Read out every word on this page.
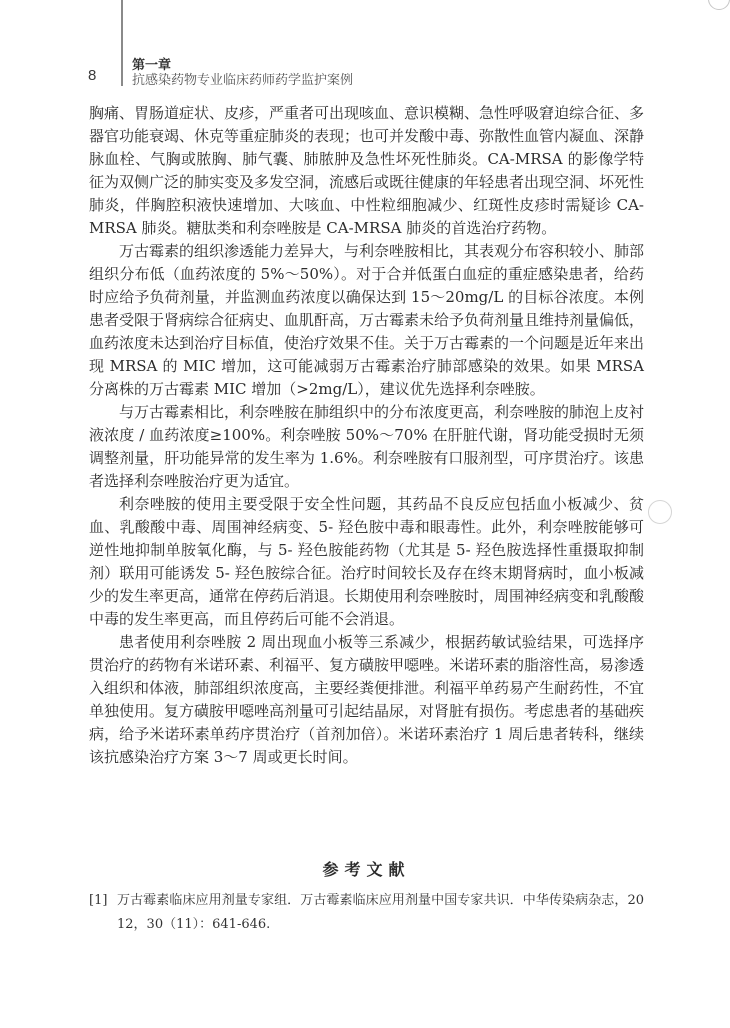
8
第一章
抗感染药物专业临床药师药学监护案例

胸痛、胃肠道症状、皮疹，严重者可出现咳血、意识模糊、急性呼吸窘迫综合征、多器官功能衰竭、休克等重症肺炎的表现；也可并发酸中毒、弥散性血管内凝血、深静脉血栓、气胸或脓胸、肺气囊、肺脓肿及急性坏死性肺炎。CA-MRSA 的影像学特征为双侧广泛的肺实变及多发空洞，流感后或既往健康的年轻患者出现空洞、坏死性肺炎，伴胸腔积液快速增加、大咳血、中性粒细胞减少、红斑性皮疹时需疑诊 CA-MRSA 肺炎。糖肽类和利奈唑胺是 CA-MRSA 肺炎的首选治疗药物。

万古霉素的组织渗透能力差异大，与利奈唑胺相比，其表观分布容积较小、肺部组织分布低（血药浓度的 5%～50%）。对于合并低蛋白血症的重症感染患者，给药时应给予负荷剂量，并监测血药浓度以确保达到 15～20mg/L 的目标谷浓度。本例患者受限于肾病综合征病史、血肌酐高，万古霉素未给予负荷剂量且维持剂量偏低，血药浓度未达到治疗目标值，使治疗效果不佳。关于万古霉素的一个问题是近年来出现 MRSA 的 MIC 增加，这可能减弱万古霉素治疗肺部感染的效果。如果 MRSA 分离株的万古霉素 MIC 增加（>2mg/L），建议优先选择利奈唑胺。

与万古霉素相比，利奈唑胺在肺组织中的分布浓度更高，利奈唑胺的肺泡上皮衬液浓度 / 血药浓度≥100%。利奈唑胺 50%～70% 在肝脏代谢，肾功能受损时无须调整剂量，肝功能异常的发生率为 1.6%。利奈唑胺有口服剂型，可序贯治疗。该患者选择利奈唑胺治疗更为适宜。

利奈唑胺的使用主要受限于安全性问题，其药品不良反应包括血小板减少、贫血、乳酸酸中毒、周围神经病变、5- 羟色胺中毒和眼毒性。此外，利奈唑胺能够可逆性地抑制单胺氧化酶，与 5- 羟色胺能药物（尤其是 5- 羟色胺选择性重摄取抑制剂）联用可能诱发 5- 羟色胺综合征。治疗时间较长及存在终末期肾病时，血小板减少的发生率更高，通常在停药后消退。长期使用利奈唑胺时，周围神经病变和乳酸酸中毒的发生率更高，而且停药后可能不会消退。

患者使用利奈唑胺 2 周出现血小板等三系减少，根据药敏试验结果，可选择序贯治疗的药物有米诺环素、利福平、复方磺胺甲噁唑。米诺环素的脂溶性高，易渗透入组织和体液，肺部组织浓度高，主要经粪便排泄。利福平单药易产生耐药性，不宜单独使用。复方磺胺甲噁唑高剂量可引起结晶尿，对肾脏有损伤。考虑患者的基础疾病，给予米诺环素单药序贯治疗（首剂加倍）。米诺环素治疗 1 周后患者转科，继续该抗感染治疗方案 3～7 周或更长时间。

参考文献
[1] 万古霉素临床应用剂量专家组．万古霉素临床应用剂量中国专家共识．中华传染病杂志，2012，30（11）：641-646.
